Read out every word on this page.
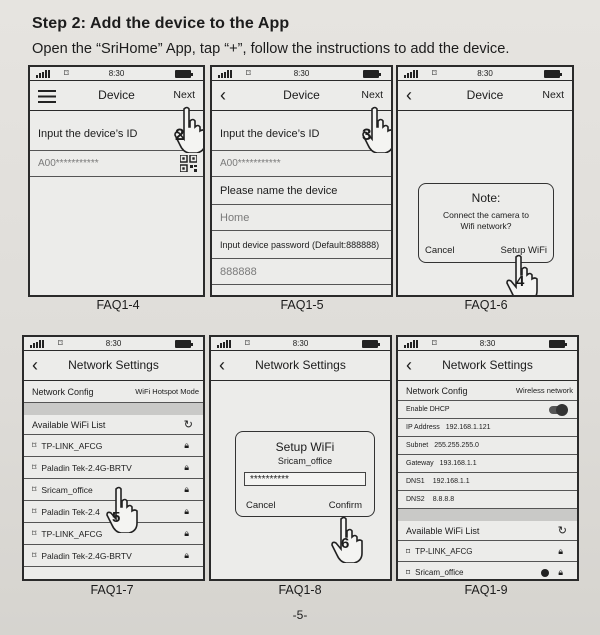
Step 2: Add the device to the App
Open the “SriHome” App, tap “+”, follow the instructions to add the device.
⌑	8:30
Device	Next
Input the device’s ID
A00***********
2
FAQ1-4
⌑	8:30
‹	Device	Next
Input the device’s ID
A00***********
Please name the device
Home
Input device password (Default:888888)
888888
3
FAQ1-5
⌑	8:30
‹	Device	Next
Note:
Connect the camera to
Wifi network?
Cancel	Setup WiFi
4
FAQ1-6
⌑	8:30
‹	Network Settings
Network Config	WiFi Hotspot Mode
Available WiFi List	↻
⌑ TP-LINK_AFCG	🔒︎
⌑ Paladin Tek-2.4G-BRTV	🔒︎
⌑ Sricam_office	🔒︎
⌑ Paladin Tek-2.4	🔒︎
⌑ TP-LINK_AFCG	🔒︎
⌑ Paladin Tek-2.4G-BRTV	🔒︎
5
FAQ1-7
⌑	8:30
‹	Network Settings
Setup WiFi
Sricam_office
**********
Cancel	Confirm
6
FAQ1-8
⌑	8:30
‹	Network Settings
Network Config	Wireless network
Enable DHCP
IP Address 192.168.1.121
Subnet 255.255.255.0
Gateway 193.168.1.1
DNS1 192.168.1.1
DNS2 8.8.8.8
Available WiFi List	↻
⌑ TP-LINK_AFCG	🔒︎
⌑ Sricam_office	🔒︎
FAQ1-9
-5-
